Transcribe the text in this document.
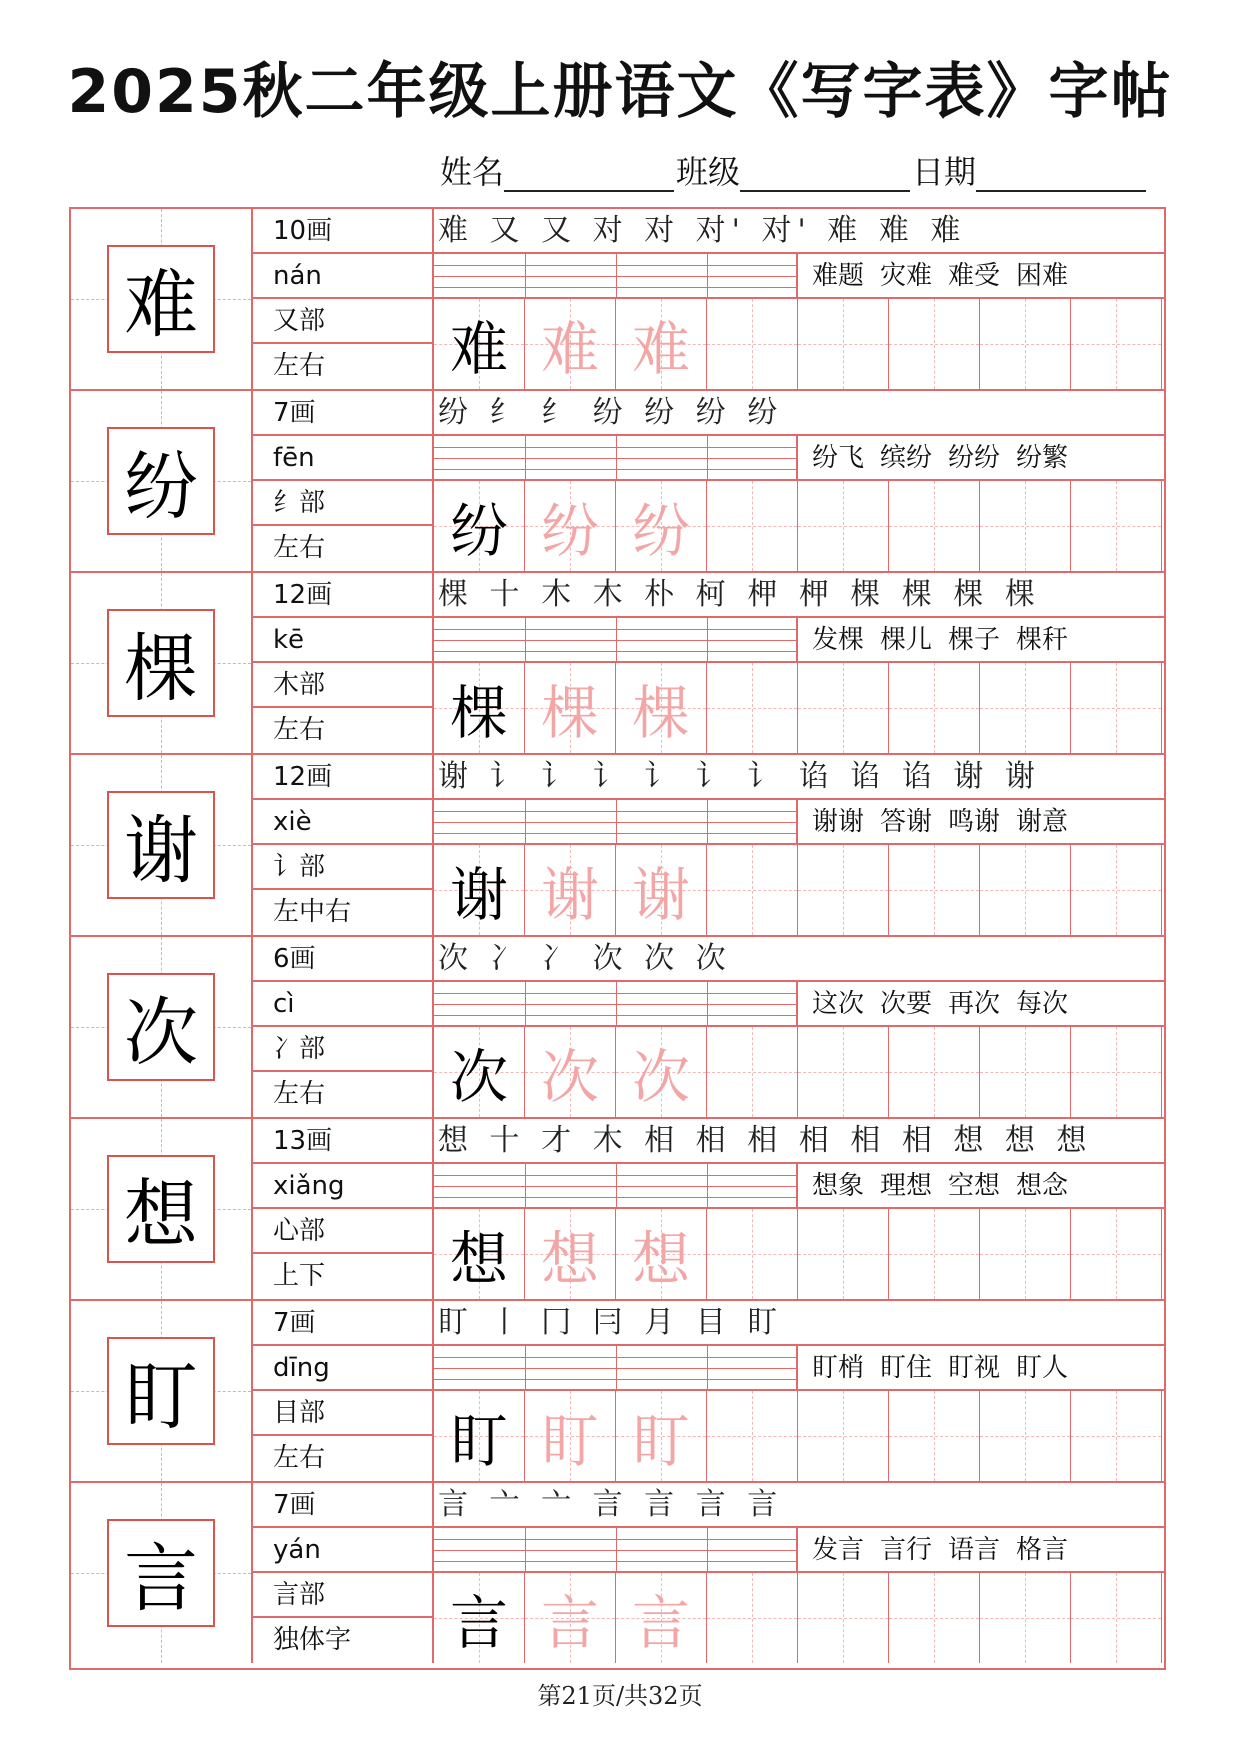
2025秋二年级上册语文《写字表》字帖
姓名	班级	日期
难
10画
nán
又部
左右
难 又 又 对 对 对' 对' 难 难 难
难题 灾难 难受 困难
难 难 难
纷
7画
fēn
纟部
左右
纷 纟 纟 纷 纷 纷 纷
纷飞 缤纷 纷纷 纷繁
纷 纷 纷
棵
12画
kē
木部
左右
棵 十 木 木 朴 柯 柙 柙 棵 棵 棵 棵
发棵 棵儿 棵子 棵秆
棵 棵 棵
谢
12画
xiè
讠部
左中右
谢 讠 讠 讠 讠 讠 讠 谄 谄 谄 谢 谢
谢谢 答谢 鸣谢 谢意
谢 谢 谢
次
6画
cì
冫部
左右
次 冫 冫 次 次 次
这次 次要 再次 每次
次 次 次
想
13画
xiǎng
心部
上下
想 十 才 木 相 相 相 相 相 相 想 想 想
想象 理想 空想 想念
想 想 想
盯
7画
dīng
目部
左右
盯 丨 冂 冃 月 目 盯
盯梢 盯住 盯视 盯人
盯 盯 盯
言
7画
yán
言部
独体字
言 亠 亠 言 言 言 言
发言 言行 语言 格言
言 言 言
第21页/共32页
